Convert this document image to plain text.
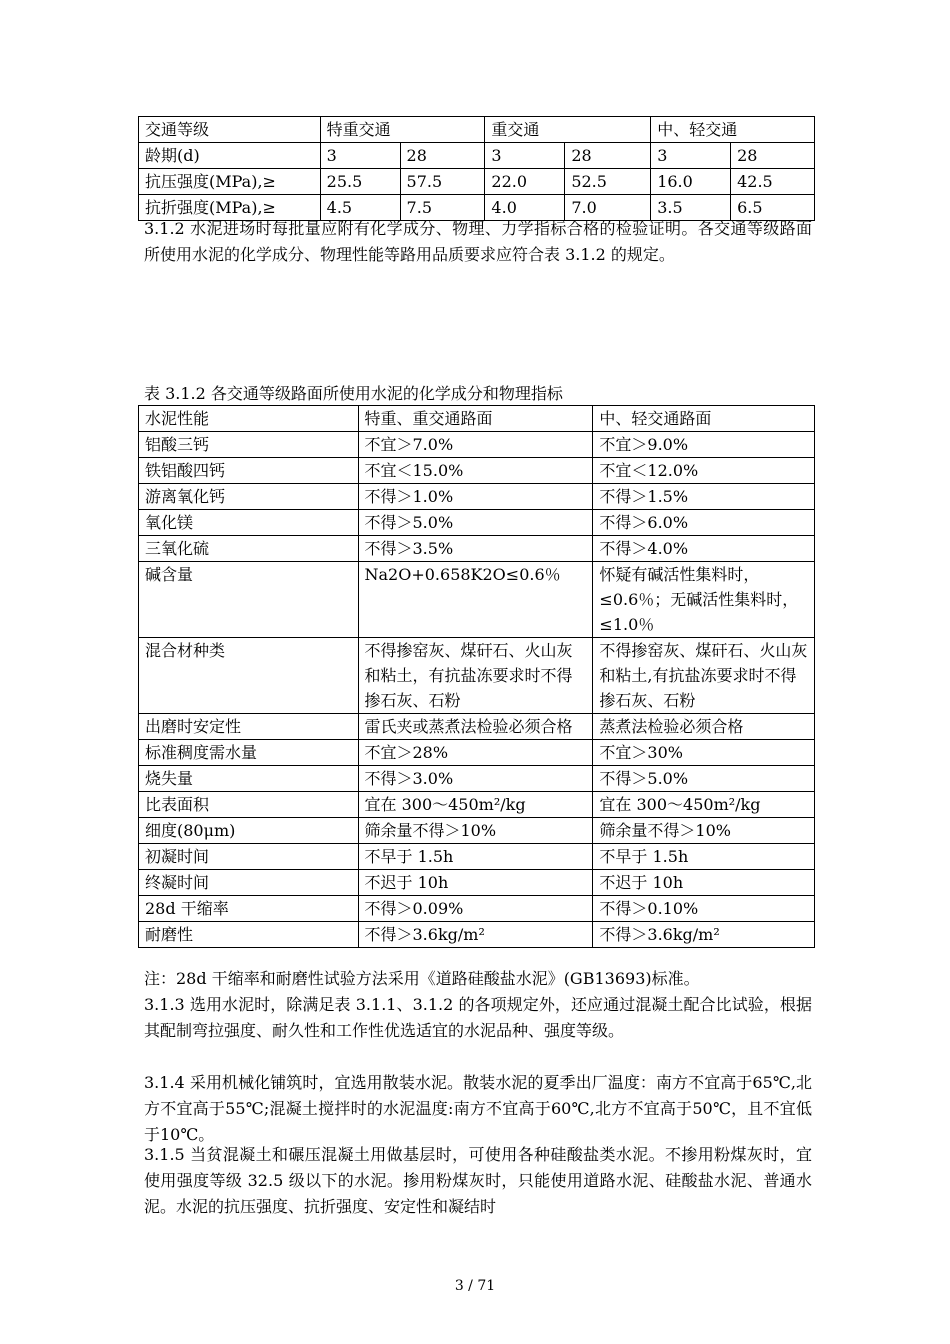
交通等级	特重交通		重交通		中、轻交通	
龄期(d)	3	28	3	28	3	28
抗压强度(MPa),≥	25.5	57.5	22.0	52.5	16.0	42.5
抗折强度(MPa),≥	4.5	7.5	4.0	7.0	3.5	6.5

3.1.2 水泥进场时每批量应附有化学成分、物理、力学指标合格的检验证明。各交通等级路面所使用水泥的化学成分、物理性能等路用品质要求应符合表 3.1.2 的规定。

表 3.1.2 各交通等级路面所使用水泥的化学成分和物理指标

水泥性能	特重、重交通路面	中、轻交通路面
铝酸三钙	不宜＞7.0%	不宜＞9.0%
铁铝酸四钙	不宜＜15.0%	不宜＜12.0%
游离氧化钙	不得＞1.0%	不得＞1.5%
氧化镁	不得＞5.0%	不得＞6.0%
三氧化硫	不得＞3.5%	不得＞4.0%
碱含量	Na2O+0.658K2O≤0.6％	怀疑有碱活性集料时，≤0.6％；无碱活性集料时，≤1.0％
混合材种类	不得掺窑灰、煤矸石、火山灰和粘土，有抗盐冻要求时不得掺石灰、石粉	不得掺窑灰、煤矸石、火山灰和粘土,有抗盐冻要求时不得掺石灰、石粉
出磨时安定性	雷氏夹或蒸煮法检验必须合格	蒸煮法检验必须合格
标准稠度需水量	不宜＞28%	不宜＞30%
烧失量	不得＞3.0%	不得＞5.0%
比表面积	宜在 300～450m²/kg	宜在 300～450m²/kg
细度(80μm)	筛余量不得＞10%	筛余量不得＞10%
初凝时间	不早于 1.5h	不早于 1.5h
终凝时间	不迟于 10h	不迟于 10h
28d 干缩率	不得＞0.09%	不得＞0.10%
耐磨性	不得＞3.6kg/m²	不得＞3.6kg/m²

注：28d 干缩率和耐磨性试验方法采用《道路硅酸盐水泥》(GB13693)标准。

3.1.3 选用水泥时，除满足表 3.1.1、3.1.2 的各项规定外，还应通过混凝土配合比试验，根据其配制弯拉强度、耐久性和工作性优选适宜的水泥品种、强度等级。

3.1.4 采用机械化铺筑时，宜选用散装水泥。散装水泥的夏季出厂温度：南方不宜高于65℃,北方不宜高于55℃;混凝土搅拌时的水泥温度:南方不宜高于60℃,北方不宜高于50℃，且不宜低于10℃。

3.1.5 当贫混凝土和碾压混凝土用做基层时，可使用各种硅酸盐类水泥。不掺用粉煤灰时，宜使用强度等级 32.5 级以下的水泥。掺用粉煤灰时，只能使用道路水泥、硅酸盐水泥、普通水泥。水泥的抗压强度、抗折强度、安定性和凝结时

3 / 71
